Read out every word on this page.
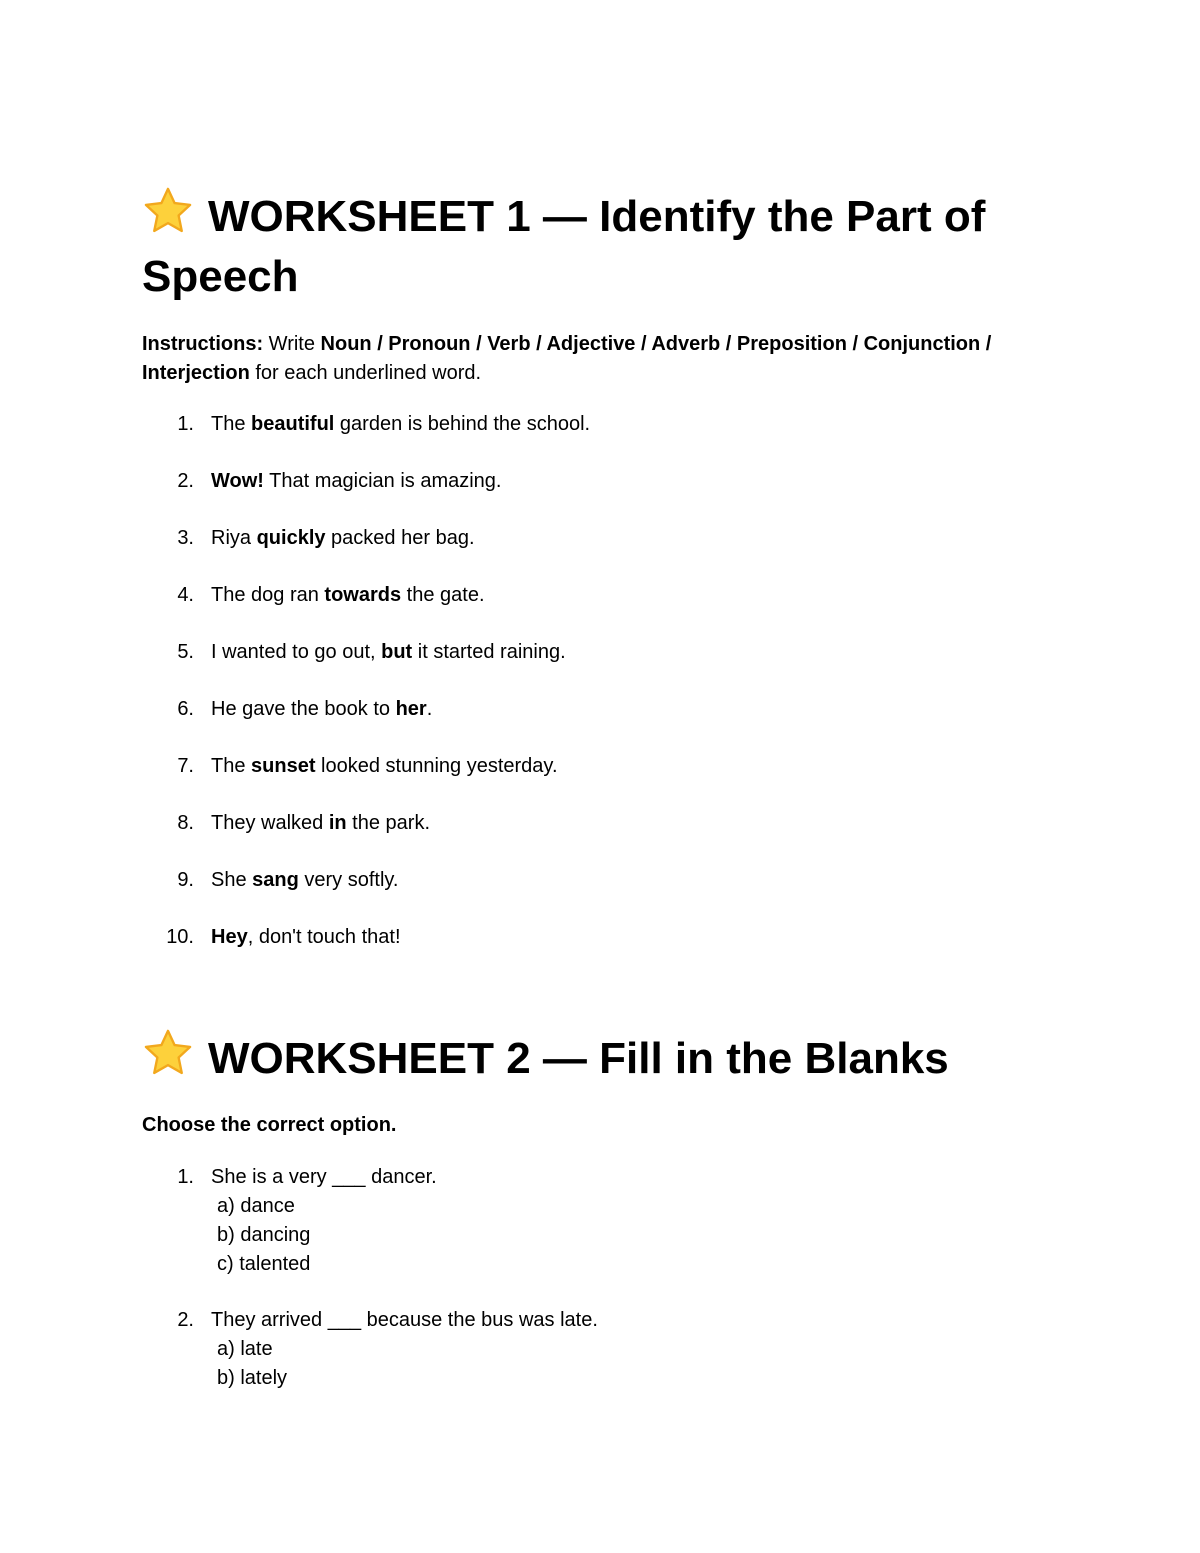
WORKSHEET 1 — Identify the Part of Speech

Instructions: Write Noun / Pronoun / Verb / Adjective / Adverb / Preposition / Conjunction / Interjection for each underlined word.

1. The beautiful garden is behind the school.
2. Wow! That magician is amazing.
3. Riya quickly packed her bag.
4. The dog ran towards the gate.
5. I wanted to go out, but it started raining.
6. He gave the book to her.
7. The sunset looked stunning yesterday.
8. They walked in the park.
9. She sang very softly.
10. Hey, don't touch that!
WORKSHEET 2 — Fill in the Blanks

Choose the correct option.

1. She is a very ___ dancer.
a) dance
b) dancing
c) talented
2. They arrived ___ because the bus was late.
a) late
b) lately
